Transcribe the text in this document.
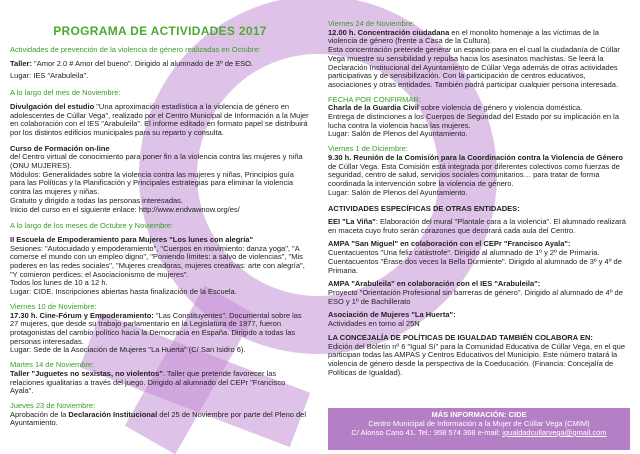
PROGRAMA DE ACTIVIDADES 2017
Actividades de prevención de la violencia de género realizadas en Octubre:
Taller: "Amor 2.0 # Amor del bueno". Dirigido al alumnado de 3º de ESO.
Lugar: IES "Arabuleila".
A lo largo del mes de Noviembre:
Divulgación del estudio "Una aproximación estadística a la violencia de género en adolescentes de Cúllar Vega", realizado por el Centro Municipal de Información a la Mujer en colaboración con el IES "Arabuleila". El informe editado en formato papel se distribuirá por los distintos edificios municipales para su reparto y consulta.
Curso de Formación on-line
del Centro virtual de conocimiento para poner fin a la violencia contra las mujeres y niña (ONU MUJERES).
Módulos: Generalidades sobre la violencia contra las mujeres y niñas, Principios guía para las Políticas y la Planificación y Principales estrategias para eliminar la violencia contra las mujeres y niñas.
Gratuito y dirigido a todas las personas interesadas.
Inicio del curso en el siguiente enlace: http://www.endvawnow.org/es/
A lo largo de los meses de Octubre y Noviembre:
II Escuela de Empoderamiento para Mujeres "Los lunes con alegría"
Sesiones: "Autocuidado y empoderamiento", "Cuerpos en movimiento: danza yoga", "A comerse el mundo con un empleo digno", "Poniendo límites: a salvo de violencias", "Mis poderes en las redes sociales", "Mujeres creadoras, mujeres creativas: arte con alegría", "Y comieron perdices: el Asociacionismo de mujeres".
Todos los lunes de 10 a 12 h.
Lugar: CIDE. Inscripciones abiertas hasta finalización de la Escuela.
Viernes 10 de Noviembre:
17.30 h. Cine-Fórum y Empoderamiento: "Las Constituyentes". Documental sobre las 27 mujeres, que desde su trabajo parlamentario en la Legislatura de 1977, fueron protagonistas del cambio político hacia la Democracia en España. Dirigido a todas las personas interesadas.
Lugar: Sede de la Asociación de Mujeres "La Huerta" (C/ San Isidro 6).
Martes 14 de Noviembre:
Taller "Juguetes no sexistas, no violentos". Taller que pretende favorecer las relaciones igualitarias a través del juego. Dirigido al alumnado del CEPr "Francisco Ayala".
Jueves 23 de Noviembre:
Aprobación de la Declaración Institucional del 25 de Noviembre por parte del Pleno del Ayuntamiento.
Viernes 24 de Noviembre:
12.00 h. Concentración ciudadana en el monolito homenaje a las víctimas de la violencia de género (frente a Casa de la Cultura).
Esta concentración pretende generar un espacio para en el cual la ciudadanía de Cúllar Vega muestre su sensibilidad y repulsa hacia los asesinatos machistas. Se leerá la Declaración Institucional del Ayuntamiento de Cúllar Vega además de otras actividades participativas y de sensibilización. Con la participación de centros educativos, asociaciones y otras entidades. También podrá participar cualquier persona interesada.
FECHA POR CONFIRMAR:
Charla de la Guardia Civil sobre violencia de género y violencia doméstica.
Entrega de distinciones a los Cuerpos de Seguridad del Estado por su implicación en la lucha contra la violencia hacia las mujeres.
Lugar: Salón de Plenos del Ayuntamiento.
Viernes 1 de Diciembre:
9.30 h. Reunión de la Comisión para la Coordinación contra la Violencia de Género de Cúllar Vega. Esta Comisión está integrada por diferentes colectivos como fuerzas de seguridad, centro de salud, servicios sociales comunitarios… para tratar de forma coordinada la intervención sobre la violencia de género.
Lugar: Salón de Plenos del Ayuntamiento.
ACTIVIDADES ESPECÍFICAS DE OTRAS ENTIDADES:
EEI "La Viña": Elaboración del mural "Plantale cara a la violencia". El alumnado realizará en maceta cuyo fruto serán corazones que decorará cada aula del Centro.
AMPA "San Miguel" en colaboración con el CEPr "Francisco Ayala":
Cuentacuentos "Una feliz catástrofe". Dirigido al alumnado de 1º y 2º de Primaria.
Cuentacuentos "Érase dos veces la Bella Durmiente". Dirigido al alumnado de 3º y 4º de Primaria.
AMPA "Arabuleila" en colaboración con el IES "Arabuleila":
Proyecto "Orientación Profesional sin barreras de género". Dirigido al alumnado de 4º de ESO y 1º de Bachillerato
Asociación de Mujeres "La Huerta":
Actividades en torno al 25N
LA CONCEJALÍA DE POLÍTICAS DE IGUALDAD TAMBIÉN COLABORA EN:
Edición del Boletín nº 6 "Igual Sí" para la Comunidad Educativa de Cúllar Vega, en el que participan todas las AMPAS y Centros Educativos del Municipio. Este número tratará la violencia de género desde la perspectiva de la Coeducación. (Financia: Concejalía de Políticas de Igualdad).
MÁS INFORMACIÓN: CIDE
Centro Municipal de Información a la Mujer de Cúllar Vega (CMIM)
C/ Alonso Cano 41. Tel.: 958 574 368 e-mail: igualdadcullarvega@gmail.com
